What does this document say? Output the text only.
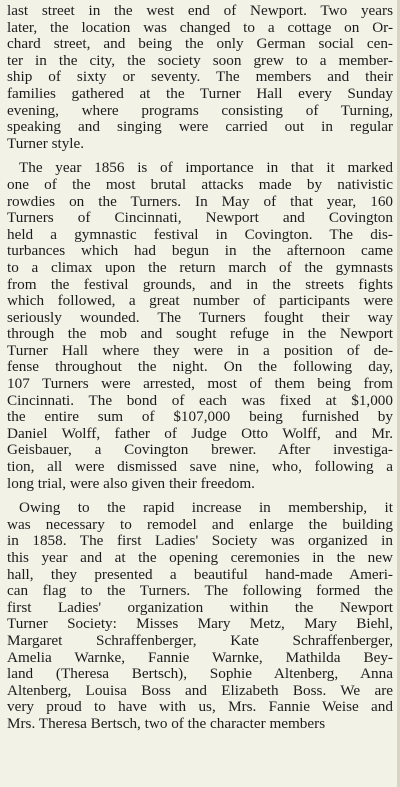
last street in the west end of Newport. Two years
later, the location was changed to a cottage on Or-
chard street, and being the only German social cen-
ter in the city, the society soon grew to a member-
ship of sixty or seventy. The members and their
families gathered at the Turner Hall every Sunday
evening, where programs consisting of Turning,
speaking and singing were carried out in regular
Turner style.

The year 1856 is of importance in that it marked
one of the most brutal attacks made by nativistic
rowdies on the Turners. In May of that year, 160
Turners of Cincinnati, Newport and Covington
held a gymnastic festival in Covington. The dis-
turbances which had begun in the afternoon came
to a climax upon the return march of the gymnasts
from the festival grounds, and in the streets fights
which followed, a great number of participants were
seriously wounded. The Turners fought their way
through the mob and sought refuge in the Newport
Turner Hall where they were in a position of de-
fense throughout the night. On the following day,
107 Turners were arrested, most of them being from
Cincinnati. The bond of each was fixed at $1,000
the entire sum of $107,000 being furnished by
Daniel Wolff, father of Judge Otto Wolff, and Mr.
Geisbauer, a Covington brewer. After investiga-
tion, all were dismissed save nine, who, following a
long trial, were also given their freedom.

Owing to the rapid increase in membership, it
was necessary to remodel and enlarge the building
in 1858. The first Ladies' Society was organized in
this year and at the opening ceremonies in the new
hall, they presented a beautiful hand-made Ameri-
can flag to the Turners. The following formed the
first Ladies' organization within the Newport
Turner Society: Misses Mary Metz, Mary Biehl,
Margaret Schraffenberger, Kate Schraffenberger,
Amelia Warnke, Fannie Warnke, Mathilda Bey-
land (Theresa Bertsch), Sophie Altenberg, Anna
Altenberg, Louisa Boss and Elizabeth Boss. We are
very proud to have with us, Mrs. Fannie Weise and
Mrs. Theresa Bertsch, two of the character members
